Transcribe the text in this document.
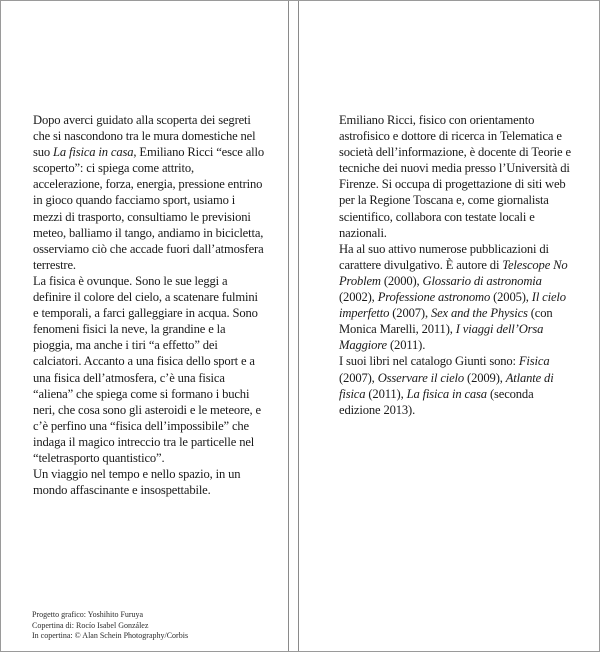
Dopo averci guidato alla scoperta dei segreti che si nascondono tra le mura domestiche nel suo La fisica in casa, Emiliano Ricci “esce allo scoperto”: ci spiega come attrito, accelerazione, forza, energia, pressione entrino in gioco quando facciamo sport, usiamo i mezzi di trasporto, consultiamo le previsioni meteo, balliamo il tango, andiamo in bicicletta, osserviamo ciò che accade fuori dall’atmosfera terrestre.

La fisica è ovunque. Sono le sue leggi a definire il colore del cielo, a scatenare fulmini e temporali, a farci galleggiare in acqua. Sono fenomeni fisici la neve, la grandine e la pioggia, ma anche i tiri “a effetto” dei calciatori. Accanto a una fisica dello sport e a una fisica dell’atmosfera, c’è una fisica “aliena” che spiega come si formano i buchi neri, che cosa sono gli asteroidi e le meteore, e c’è perfino una “fisica dell’impossibile” che indaga il magico intreccio tra le particelle nel “teletrasporto quantistico”.

Un viaggio nel tempo e nello spazio, in un mondo affascinante e insospettabile.

Emiliano Ricci, fisico con orientamento astrofisico e dottore di ricerca in Telematica e società dell’informazione, è docente di Teorie e tecniche dei nuovi media presso l’Università di Firenze. Si occupa di progettazione di siti web per la Regione Toscana e, come giornalista scientifico, collabora con testate locali e nazionali.

Ha al suo attivo numerose pubblicazioni di carattere divulgativo. È autore di Telescope No Problem (2000), Glossario di astronomia (2002), Professione astronomo (2005), Il cielo imperfetto (2007), Sex and the Physics (con Monica Marelli, 2011), I viaggi dell’Orsa Maggiore (2011).

I suoi libri nel catalogo Giunti sono: Fisica (2007), Osservare il cielo (2009), Atlante di fisica (2011), La fisica in casa (seconda edizione 2013).

Progetto grafico: Yoshihito Furuya
Copertina di: Rocío Isabel González
In copertina: © Alan Schein Photography/Corbis
